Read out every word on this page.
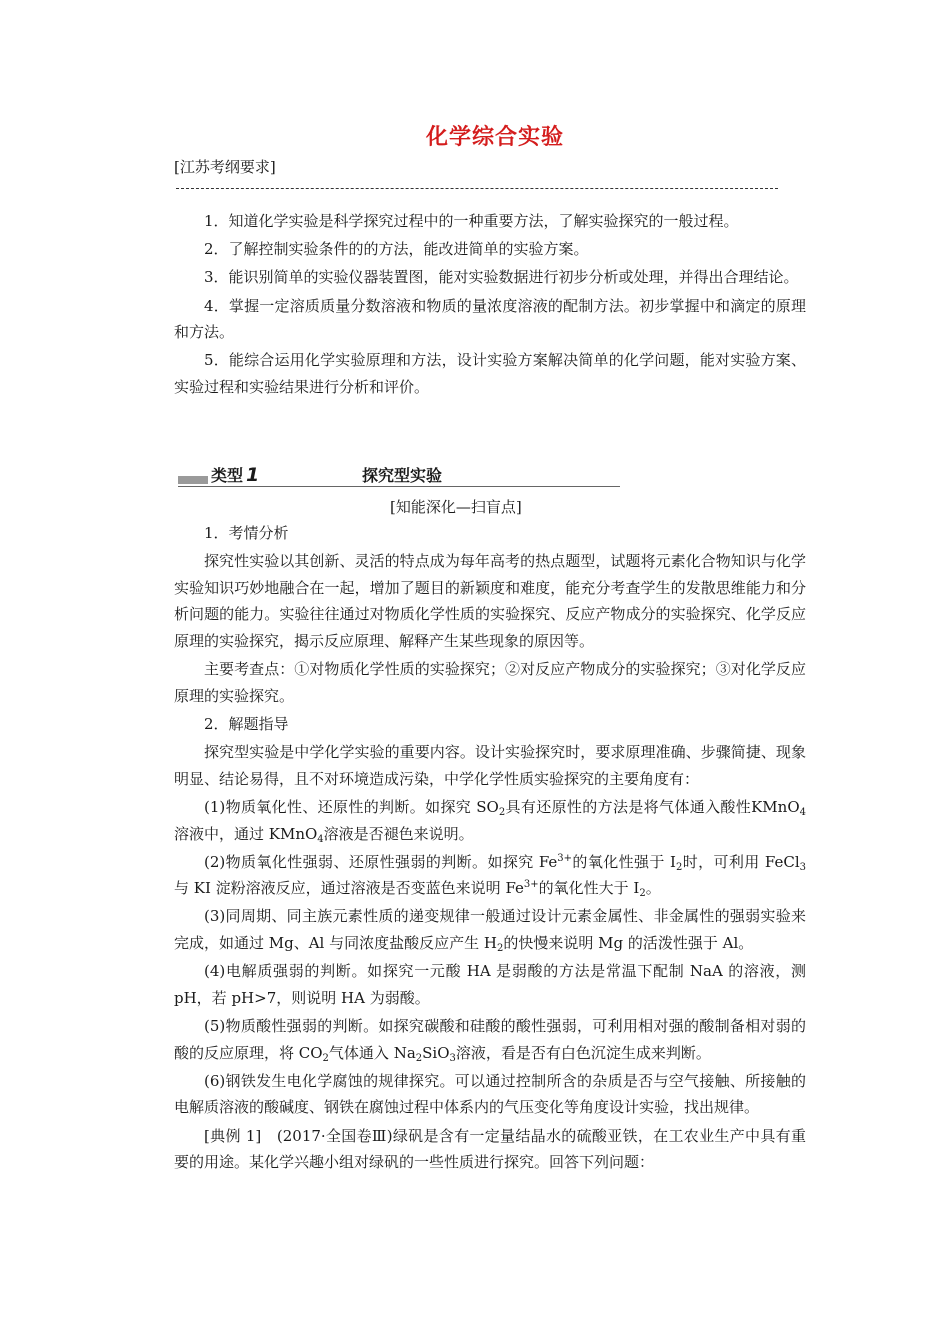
化学综合实验
[江苏考纲要求]

1．知道化学实验是科学探究过程中的一种重要方法，了解实验探究的一般过程。

2．了解控制实验条件的的方法，能改进简单的实验方案。

3．能识别简单的实验仪器装置图，能对实验数据进行初步分析或处理，并得出合理结论。

4．掌握一定溶质质量分数溶液和物质的量浓度溶液的配制方法。初步掌握中和滴定的原理和方法。

5．能综合运用化学实验原理和方法，设计实验方案解决简单的化学问题，能对实验方案、实验过程和实验结果进行分析和评价。

类型 1	探究型实验
[知能深化—扫盲点]

1．考情分析

探究性实验以其创新、灵活的特点成为每年高考的热点题型，试题将元素化合物知识与化学实验知识巧妙地融合在一起，增加了题目的新颖度和难度，能充分考查学生的发散思维能力和分析问题的能力。实验往往通过对物质化学性质的实验探究、反应产物成分的实验探究、化学反应原理的实验探究，揭示反应原理、解释产生某些现象的原因等。

主要考查点：①对物质化学性质的实验探究；②对反应产物成分的实验探究；③对化学反应原理的实验探究。

2．解题指导

探究型实验是中学化学实验的重要内容。设计实验探究时，要求原理准确、步骤简捷、现象明显、结论易得，且不对环境造成污染，中学化学性质实验探究的主要角度有：

(1)物质氧化性、还原性的判断。如探究 $SO_2$具有还原性的方法是将气体通入酸性KMnO$_4$溶液中，通过 KMnO$_4$溶液是否褪色来说明。

(2)物质氧化性强弱、还原性强弱的判断。如探究 $Fe^{3+}$的氧化性强于 $I_2$时，可利用 FeCl$_3$与 KI 淀粉溶液反应，通过溶液是否变蓝色来说明 $Fe^{3+}$的氧化性大于 $I_2$。

(3)同周期、同主族元素性质的递变规律一般通过设计元素金属性、非金属性的强弱实验来完成，如通过 Mg、Al 与同浓度盐酸反应产生 $H_2$的快慢来说明 Mg 的活泼性强于 Al。

(4)电解质强弱的判断。如探究一元酸 HA 是弱酸的方法是常温下配制 NaA 的溶液，测 pH，若 pH>7，则说明 HA 为弱酸。

(5)物质酸性强弱的判断。如探究碳酸和硅酸的酸性强弱，可利用相对强的酸制备相对弱的酸的反应原理，将 $CO_2$气体通入 $Na_2SiO_3$溶液，看是否有白色沉淀生成来判断。

(6)钢铁发生电化学腐蚀的规律探究。可以通过控制所含的杂质是否与空气接触、所接触的电解质溶液的酸碱度、钢铁在腐蚀过程中体系内的气压变化等角度设计实验，找出规律。

[典例 1]　(2017·全国卷Ⅲ)绿矾是含有一定量结晶水的硫酸亚铁，在工农业生产中具有重要的用途。某化学兴趣小组对绿矾的一些性质进行探究。回答下列问题：
